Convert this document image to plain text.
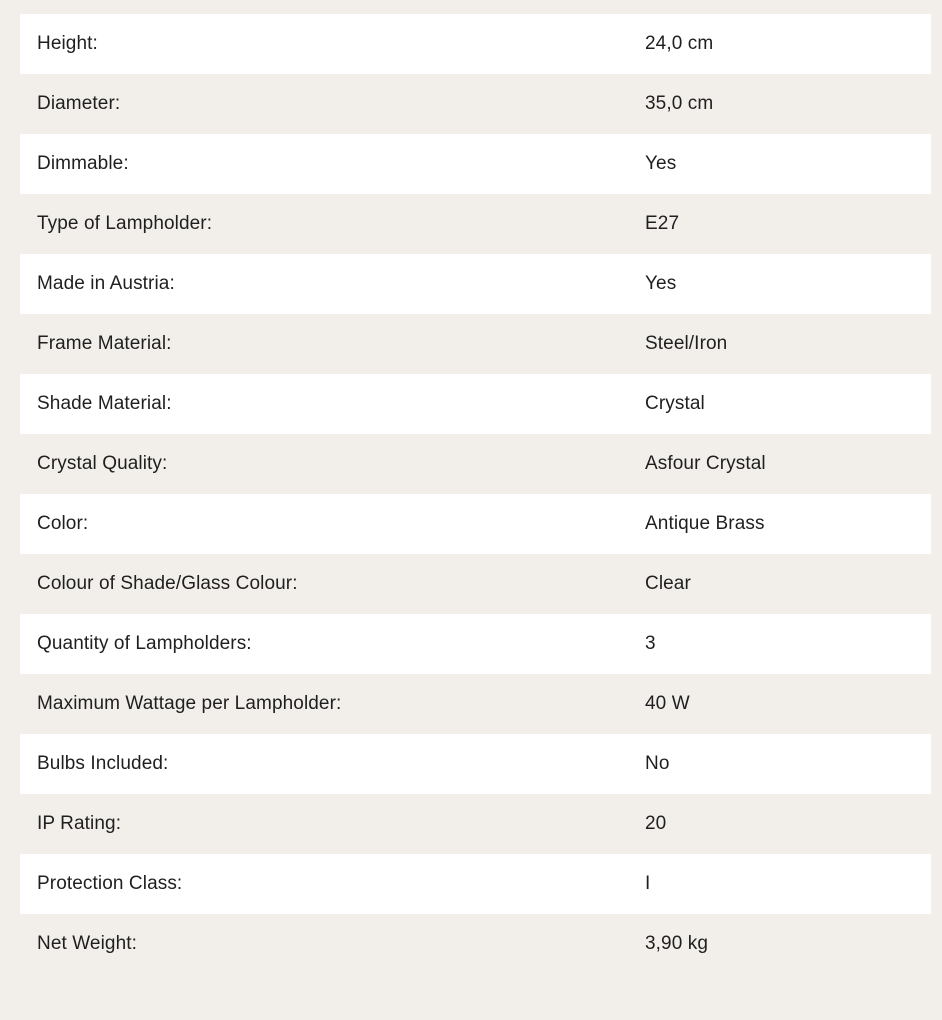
Height:	24,0 cm
Diameter:	35,0 cm
Dimmable:	Yes
Type of Lampholder:	E27
Made in Austria:	Yes
Frame Material:	Steel/Iron
Shade Material:	Crystal
Crystal Quality:	Asfour Crystal
Color:	Antique Brass
Colour of Shade/Glass Colour:	Clear
Quantity of Lampholders:	3
Maximum Wattage per Lampholder:	40 W
Bulbs Included:	No
IP Rating:	20
Protection Class:	I
Net Weight:	3,90 kg
